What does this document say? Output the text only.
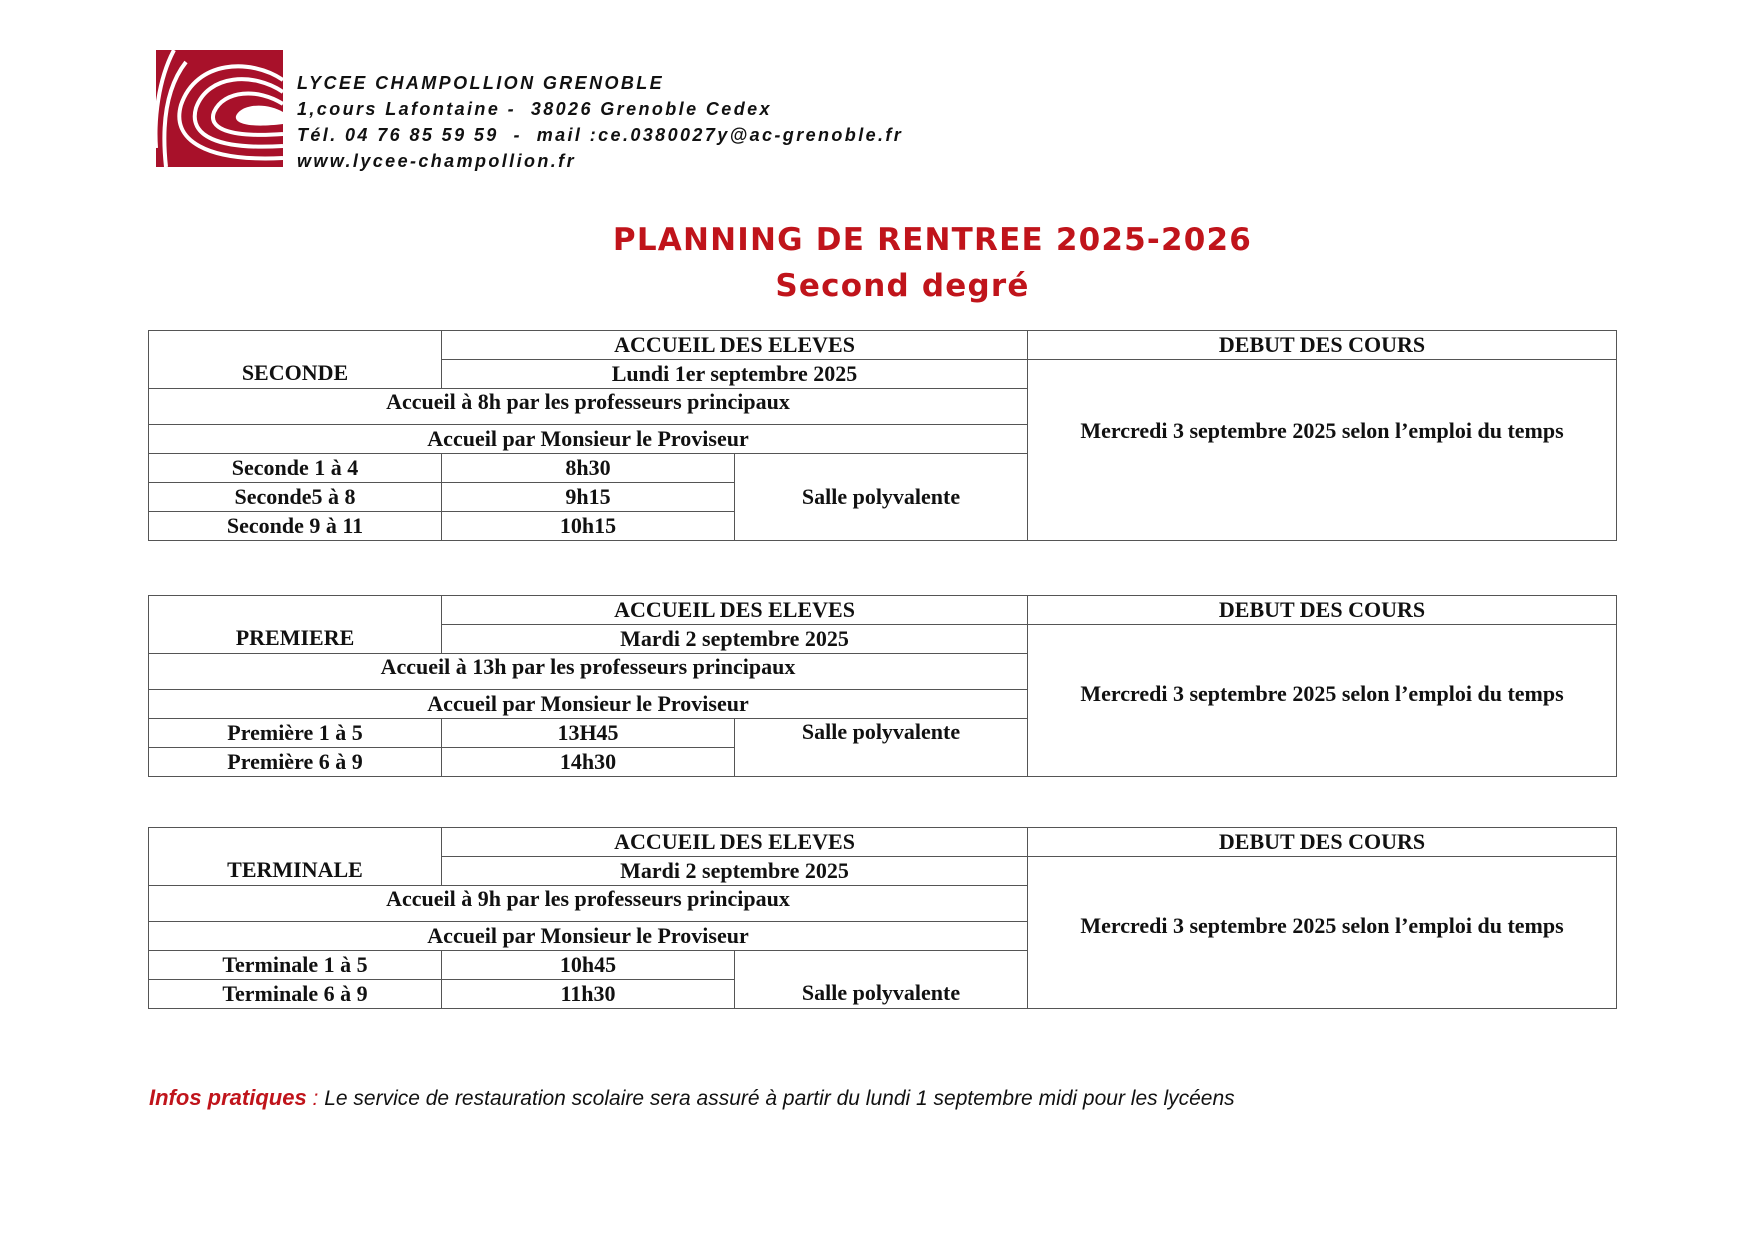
LYCEE CHAMPOLLION GRENOBLE
1,cours Lafontaine -  38026 Grenoble Cedex
Tél. 04 76 85 59 59  -  mail :ce.0380027y@ac-grenoble.fr
www.lycee-champollion.fr
PLANNING DE RENTREE 2025-2026
Second degré
SECONDE	ACCUEIL DES ELEVES		DEBUT DES COURS
	Lundi 1er septembre 2025		Mercredi 3 septembre 2025 selon l’emploi du temps
Accueil à 8h par les professeurs principaux			
Accueil par Monsieur le Proviseur			
Seconde 1 à 4	8h30	Salle polyvalente	
Seconde5 à 8	9h15		
Seconde 9 à 11	10h15		
PREMIERE	ACCUEIL DES ELEVES		DEBUT DES COURS
	Mardi 2 septembre 2025		Mercredi 3 septembre 2025 selon l’emploi du temps
Accueil à 13h par les professeurs principaux			
Accueil par Monsieur le Proviseur			
Première 1 à 5	13H45	Salle polyvalente	
Première 6 à 9	14h30		
TERMINALE	ACCUEIL DES ELEVES		DEBUT DES COURS
	Mardi 2 septembre 2025		Mercredi 3 septembre 2025 selon l’emploi du temps
Accueil à 9h par les professeurs principaux			
Accueil par Monsieur le Proviseur			
Terminale 1 à 5	10h45	Salle polyvalente	
Terminale 6 à 9	11h30		
Infos pratiques : Le service de restauration scolaire sera assuré à partir du lundi 1 septembre midi pour les lycéens
